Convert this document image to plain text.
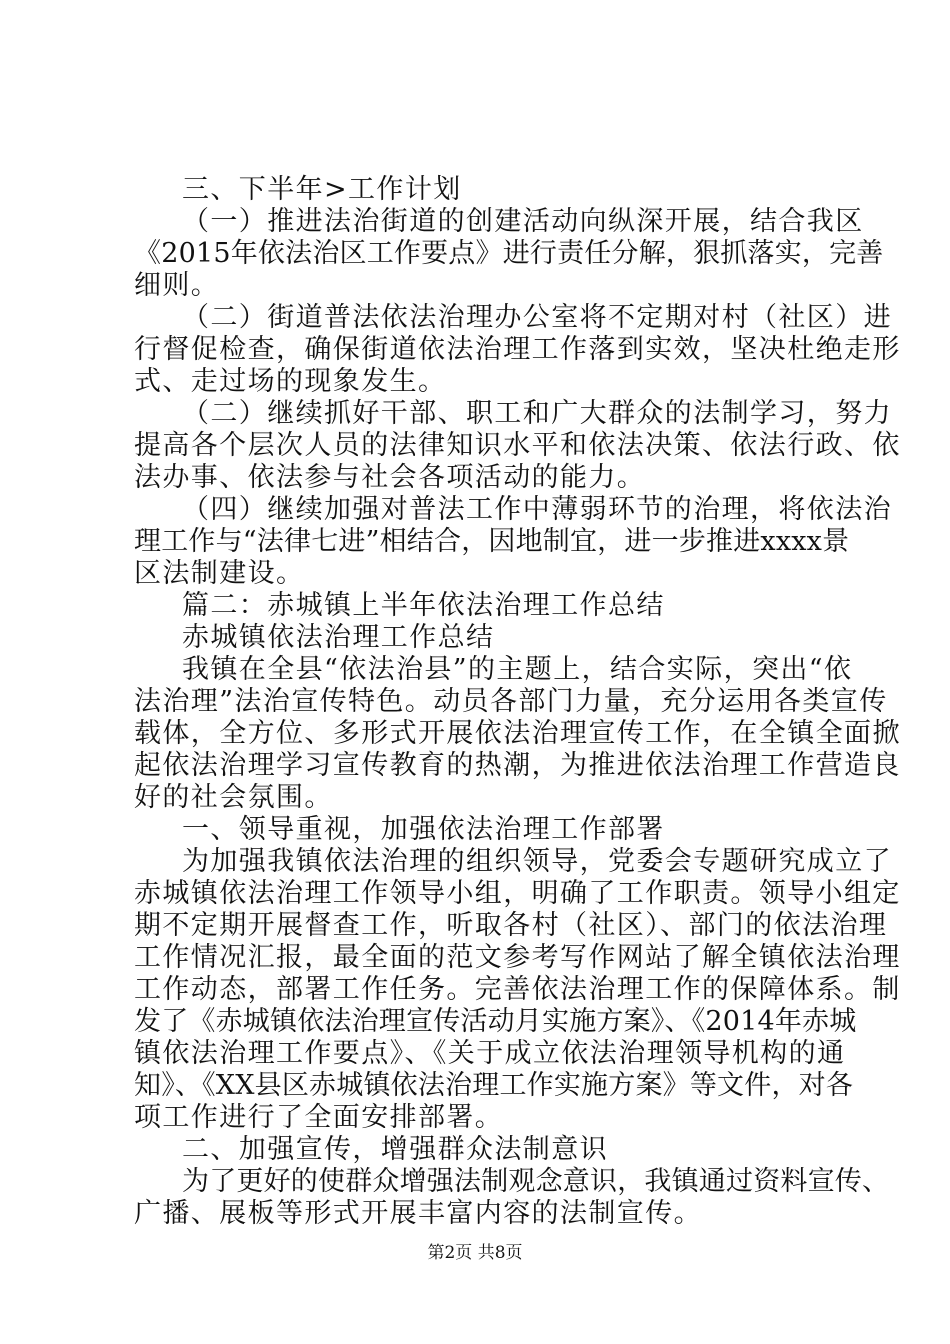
三、下半年>工作计划
（一）推进法治街道的创建活动向纵深开展，结合我区
《2015年依法治区工作要点》进行责任分解，狠抓落实，完善
细则。
（二）街道普法依法治理办公室将不定期对村（社区）进
行督促检查，确保街道依法治理工作落到实效，坚决杜绝走形
式、走过场的现象发生。
（二）继续抓好干部、职工和广大群众的法制学习，努力
提高各个层次人员的法律知识水平和依法决策、依法行政、依
法办事、依法参与社会各项活动的能力。
（四）继续加强对普法工作中薄弱环节的治理，将依法治
理工作与“法律七进”相结合，因地制宜，进一步推进xxxx景
区法制建设。
篇二：赤城镇上半年依法治理工作总结
赤城镇依法治理工作总结
我镇在全县“依法治县”的主题上，结合实际，突出“依
法治理”法治宣传特色。动员各部门力量，充分运用各类宣传
载体，全方位、多形式开展依法治理宣传工作，在全镇全面掀
起依法治理学习宣传教育的热潮，为推进依法治理工作营造良
好的社会氛围。
一、领导重视，加强依法治理工作部署
为加强我镇依法治理的组织领导，党委会专题研究成立了
赤城镇依法治理工作领导小组，明确了工作职责。领导小组定
期不定期开展督查工作，听取各村（社区）、部门的依法治理
工作情况汇报，最全面的范文参考写作网站了解全镇依法治理
工作动态，部署工作任务。完善依法治理工作的保障体系。制
发了《赤城镇依法治理宣传活动月实施方案》、《2014年赤城
镇依法治理工作要点》、《关于成立依法治理领导机构的通
知》、《XX县区赤城镇依法治理工作实施方案》等文件，对各
项工作进行了全面安排部署。
二、加强宣传，增强群众法制意识
为了更好的使群众增强法制观念意识，我镇通过资料宣传、
广播、展板等形式开展丰富内容的法制宣传。
第2页 共8页
